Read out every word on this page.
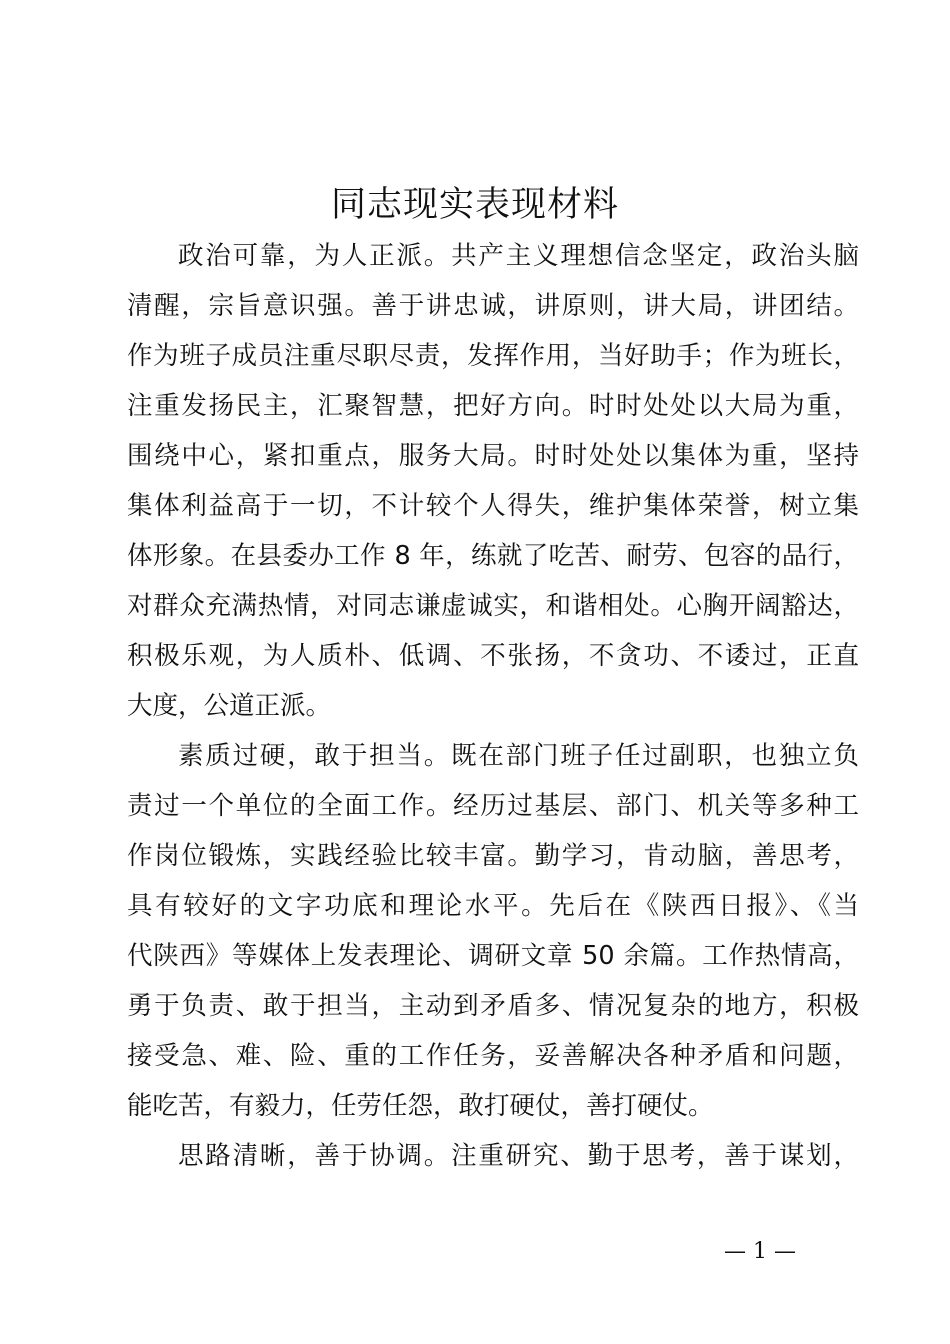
同志现实表现材料
政治可靠，为人正派。共产主义理想信念坚定，政治头脑
清醒，宗旨意识强。善于讲忠诚，讲原则，讲大局，讲团结。
作为班子成员注重尽职尽责，发挥作用，当好助手；作为班长，
注重发扬民主，汇聚智慧，把好方向。时时处处以大局为重，
围绕中心，紧扣重点，服务大局。时时处处以集体为重，坚持
集体利益高于一切，不计较个人得失，维护集体荣誉，树立集
体形象。在县委办工作 8 年，练就了吃苦、耐劳、包容的品行，
对群众充满热情，对同志谦虚诚实，和谐相处。心胸开阔豁达，
积极乐观，为人质朴、低调、不张扬，不贪功、不诿过，正直
大度，公道正派。
素质过硬，敢于担当。既在部门班子任过副职，也独立负
责过一个单位的全面工作。经历过基层、部门、机关等多种工
作岗位锻炼，实践经验比较丰富。勤学习，肯动脑，善思考，
具有较好的文字功底和理论水平。先后在《陕西日报》、《当
代陕西》等媒体上发表理论、调研文章 50 余篇。工作热情高，
勇于负责、敢于担当，主动到矛盾多、情况复杂的地方，积极
接受急、难、险、重的工作任务，妥善解决各种矛盾和问题，
能吃苦，有毅力，任劳任怨，敢打硬仗，善打硬仗。
思路清晰，善于协调。注重研究、勤于思考，善于谋划，
— 1 —
